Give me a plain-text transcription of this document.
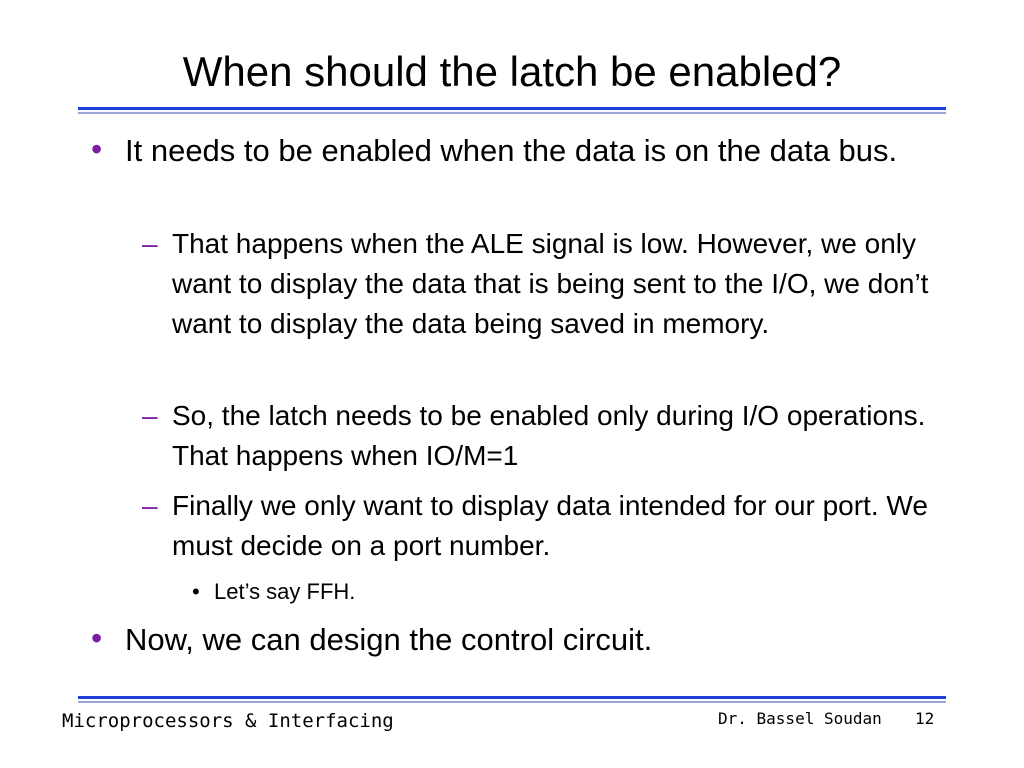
When should the latch be enabled?
• It needs to be enabled when the data is on the data bus.
– That happens when the ALE signal is low. However, we only want to display the data that is being sent to the I/O, we don’t want to display the data being saved in memory.
– So, the latch needs to be enabled only during I/O operations. That happens when IO/M=1
– Finally we only want to display data intended for our port. We must decide on a port number.
• Let’s say FFH.
• Now, we can design the control circuit.
Microprocessors & Interfacing	Dr. Bassel Soudan 12
